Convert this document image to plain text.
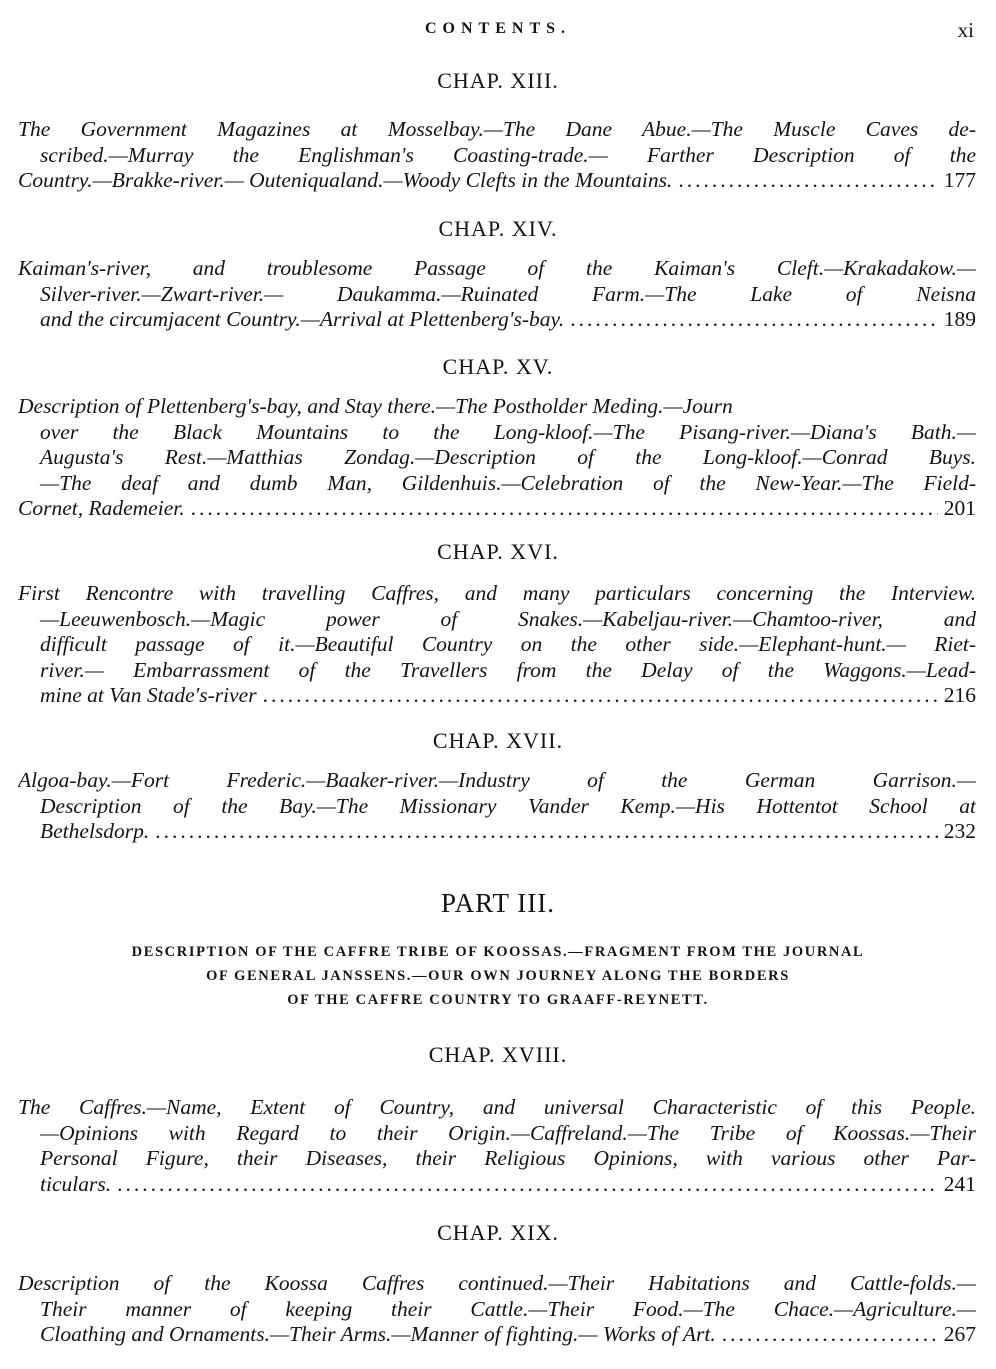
CONTENTS.	xi
CHAP. XIII.
The Government Magazines at Mosselbay.—The Dane Abue.—The Muscle Caves de-
scribed.—Murray the Englishman's Coasting-trade.— Farther Description of the
Country.—Brakke-river.— Outeniqualand.—Woody Clefts in the Mountains. .....	177
CHAP. XIV.
Kaiman's-river, and troublesome Passage of the Kaiman's Cleft.—Krakadakow.—
Silver-river.—Zwart-river.— Daukamma.—Ruinated Farm.—The Lake of Neisna
and the circumjacent Country.—Arrival at Plettenberg's-bay. .....	189
CHAP. XV.
Description of Plettenberg's-bay, and Stay there.—The Postholder Meding.—Journ
over the Black Mountains to the Long-kloof.—The Pisang-river.—Diana's Bath.—
Augusta's Rest.—Matthias Zondag.—Description of the Long-kloof.—Conrad Buys.
—The deaf and dumb Man, Gildenhuis.—Celebration of the New-Year.—The Field-
Cornet, Rademeier. .....	201
CHAP. XVI.
First Rencontre with travelling Caffres, and many particulars concerning the Interview.
—Leeuwenbosch.—Magic power of Snakes.—Kabeljau-river.—Chamtoo-river, and
difficult passage of it.—Beautiful Country on the other side.—Elephant-hunt.— Riet-
river.— Embarrassment of the Travellers from the Delay of the Waggons.—Lead-
mine at Van Stade's-river .....	216
CHAP. XVII.
Algoa-bay.—Fort Frederic.—Baaker-river.—Industry of the German Garrison.—
Description of the Bay.—The Missionary Vander Kemp.—His Hottentot School at
Bethelsdorp. .....	232
PART III.
DESCRIPTION OF THE CAFFRE TRIBE OF KOOSSAS.—FRAGMENT FROM THE JOURNAL
OF GENERAL JANSSENS.—OUR OWN JOURNEY ALONG THE BORDERS
OF THE CAFFRE COUNTRY TO GRAAFF-REYNETT.
CHAP. XVIII.
The Caffres.—Name, Extent of Country, and universal Characteristic of this People.
—Opinions with Regard to their Origin.—Caffreland.—The Tribe of Koossas.—Their
Personal Figure, their Diseases, their Religious Opinions, with various other Par-
ticulars. .....	241
CHAP. XIX.
Description of the Koossa Caffres continued.—Their Habitations and Cattle-folds.—
Their manner of keeping their Cattle.—Their Food.—The Chace.—Agriculture.—
Cloathing and Ornaments.—Their Arms.—Manner of fighting.— Works of Art. .....	267
